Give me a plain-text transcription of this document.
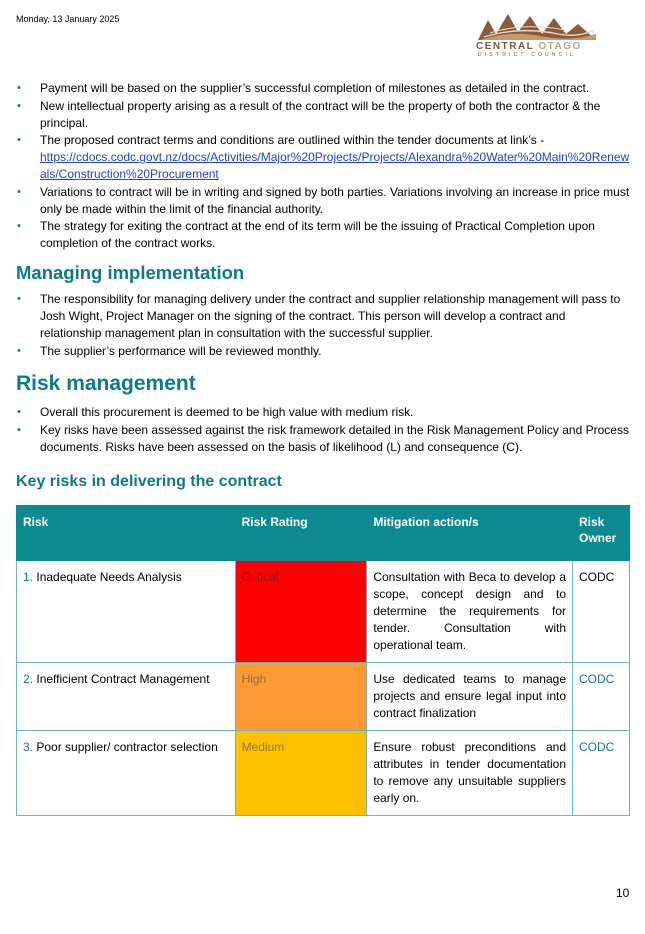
Monday, 13 January 2025
CENTRAL OTAGO
DISTRICT COUNCIL
• Payment will be based on the supplier’s successful completion of milestones as detailed in the contract.
• New intellectual property arising as a result of the contract will be the property of both the contractor & the principal.
• The proposed contract terms and conditions are outlined within the tender documents at link’s -
https://cdocs.codc.govt.nz/docs/Activities/Major%20Projects/Projects/Alexandra%20Water%20Main%20Renewals/Construction%20Procurement
• Variations to contract will be in writing and signed by both parties. Variations involving an increase in price must only be made within the limit of the financial authority.
• The strategy for exiting the contract at the end of its term will be the issuing of Practical Completion upon completion of the contract works.
Managing implementation
• The responsibility for managing delivery under the contract and supplier relationship management will pass to Josh Wight, Project Manager on the signing of the contract. This person will develop a contract and relationship management plan in consultation with the successful supplier.
• The supplier’s performance will be reviewed monthly.
Risk management
• Overall this procurement is deemed to be high value with medium risk.
• Key risks have been assessed against the risk framework detailed in the Risk Management Policy and Process documents. Risks have been assessed on the basis of likelihood (L) and consequence (C).
Key risks in delivering the contract
Risk	Risk Rating	Mitigation action/s	Risk Owner
1. Inadequate Needs Analysis	Critical	Consultation with Beca to develop a scope, concept design and to determine the requirements for tender. Consultation with operational team.	CODC
2. Inefficient Contract Management	High	Use dedicated teams to manage projects and ensure legal input into contract finalization	CODC
3. Poor supplier/ contractor selection	Medium	Ensure robust preconditions and attributes in tender documentation to remove any unsuitable suppliers early on.	CODC
10
